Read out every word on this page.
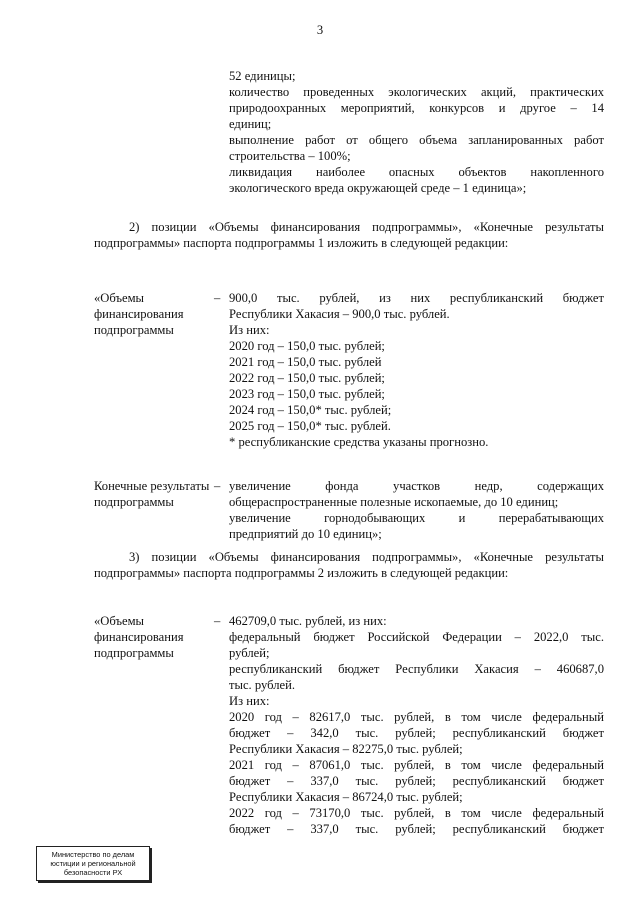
3
52 единицы;
количество проведенных экологических акций, практических
природоохранных мероприятий, конкурсов и другое – 14
единиц;
выполнение работ от общего объема запланированных работ
строительства – 100%;
ликвидация наиболее опасных объектов накопленного
экологического вреда окружающей среде – 1 единица»;
2) позиции «Объемы финансирования подпрограммы», «Конечные результаты подпрограммы» паспорта подпрограммы 1 изложить в следующей редакции:
«Объемы финансирования подпрограммы
– 900,0 тыс. рублей, из них республиканский бюджет
Республики Хакасия – 900,0 тыс. рублей.
Из них:
2020 год – 150,0 тыс. рублей;
2021 год – 150,0 тыс. рублей
2022 год – 150,0 тыс. рублей;
2023 год – 150,0 тыс. рублей;
2024 год – 150,0* тыс. рублей;
2025 год – 150,0* тыс. рублей.
* республиканские средства указаны прогнозно.
Конечные результаты подпрограммы
– увеличение фонда участков недр, содержащих
общераспространенные полезные ископаемые, до 10 единиц;
увеличение горнодобывающих и перерабатывающих
предприятий до 10 единиц»;
3) позиции «Объемы финансирования подпрограммы», «Конечные результаты подпрограммы» паспорта подпрограммы 2 изложить в следующей редакции:
«Объемы финансирования подпрограммы
– 462709,0 тыс. рублей, из них:
федеральный бюджет Российской Федерации – 2022,0 тыс.
рублей;
республиканский бюджет Республики Хакасия – 460687,0
тыс. рублей.
Из них:
2020 год – 82617,0 тыс. рублей, в том числе федеральный
бюджет – 342,0 тыс. рублей; республиканский бюджет
Республики Хакасия – 82275,0 тыс. рублей;
2021 год – 87061,0 тыс. рублей, в том числе федеральный
бюджет – 337,0 тыс. рублей; республиканский бюджет
Республики Хакасия – 86724,0 тыс. рублей;
2022 год – 73170,0 тыс. рублей, в том числе федеральный
бюджет – 337,0 тыс. рублей; республиканский бюджет
Министерство по делам юстиции и региональной безопасности РХ
